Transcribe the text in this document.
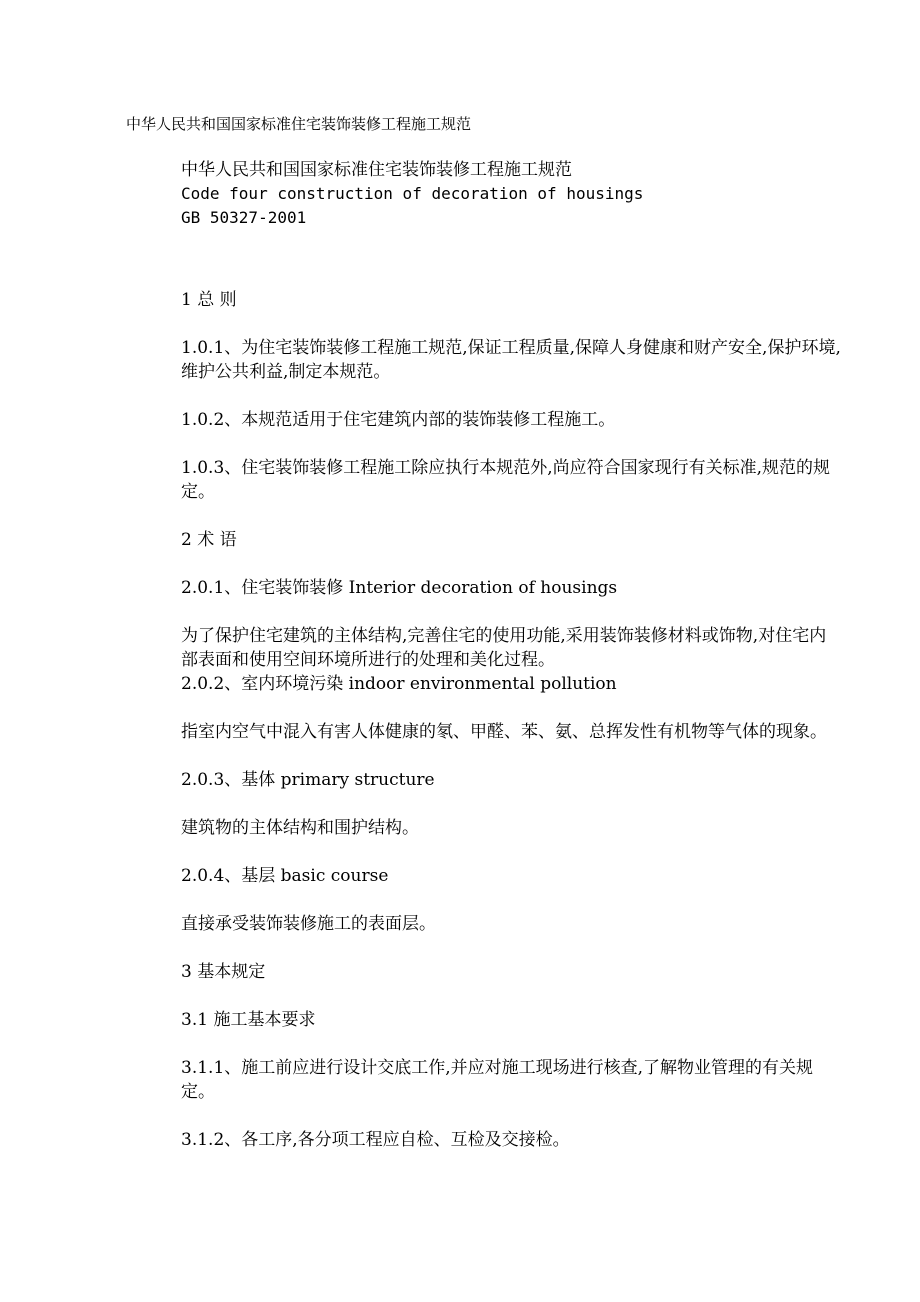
中华人民共和国国家标准住宅装饰装修工程施工规范
中华人民共和国国家标准住宅装饰装修工程施工规范
Code four construction of decoration of housings
GB 50327-2001

1 总 则

1.0.1、为住宅装饰装修工程施工规范,保证工程质量,保障人身健康和财产安全,保护环境,维护公共利益,制定本规范。

1.0.2、本规范适用于住宅建筑内部的装饰装修工程施工。

1.0.3、住宅装饰装修工程施工除应执行本规范外,尚应符合国家现行有关标准,规范的规定。

2 术 语

2.0.1、住宅装饰装修 Interior decoration of housings

为了保护住宅建筑的主体结构,完善住宅的使用功能,采用装饰装修材料或饰物,对住宅内部表面和使用空间环境所进行的处理和美化过程。

2.0.2、室内环境污染 indoor environmental pollution

指室内空气中混入有害人体健康的氡、甲醛、苯、氨、总挥发性有机物等气体的现象。

2.0.3、基体 primary structure

建筑物的主体结构和围护结构。

2.0.4、基层 basic course

直接承受装饰装修施工的表面层。

3 基本规定

3.1 施工基本要求

3.1.1、施工前应进行设计交底工作,并应对施工现场进行核查,了解物业管理的有关规定。

3.1.2、各工序,各分项工程应自检、互检及交接检。
